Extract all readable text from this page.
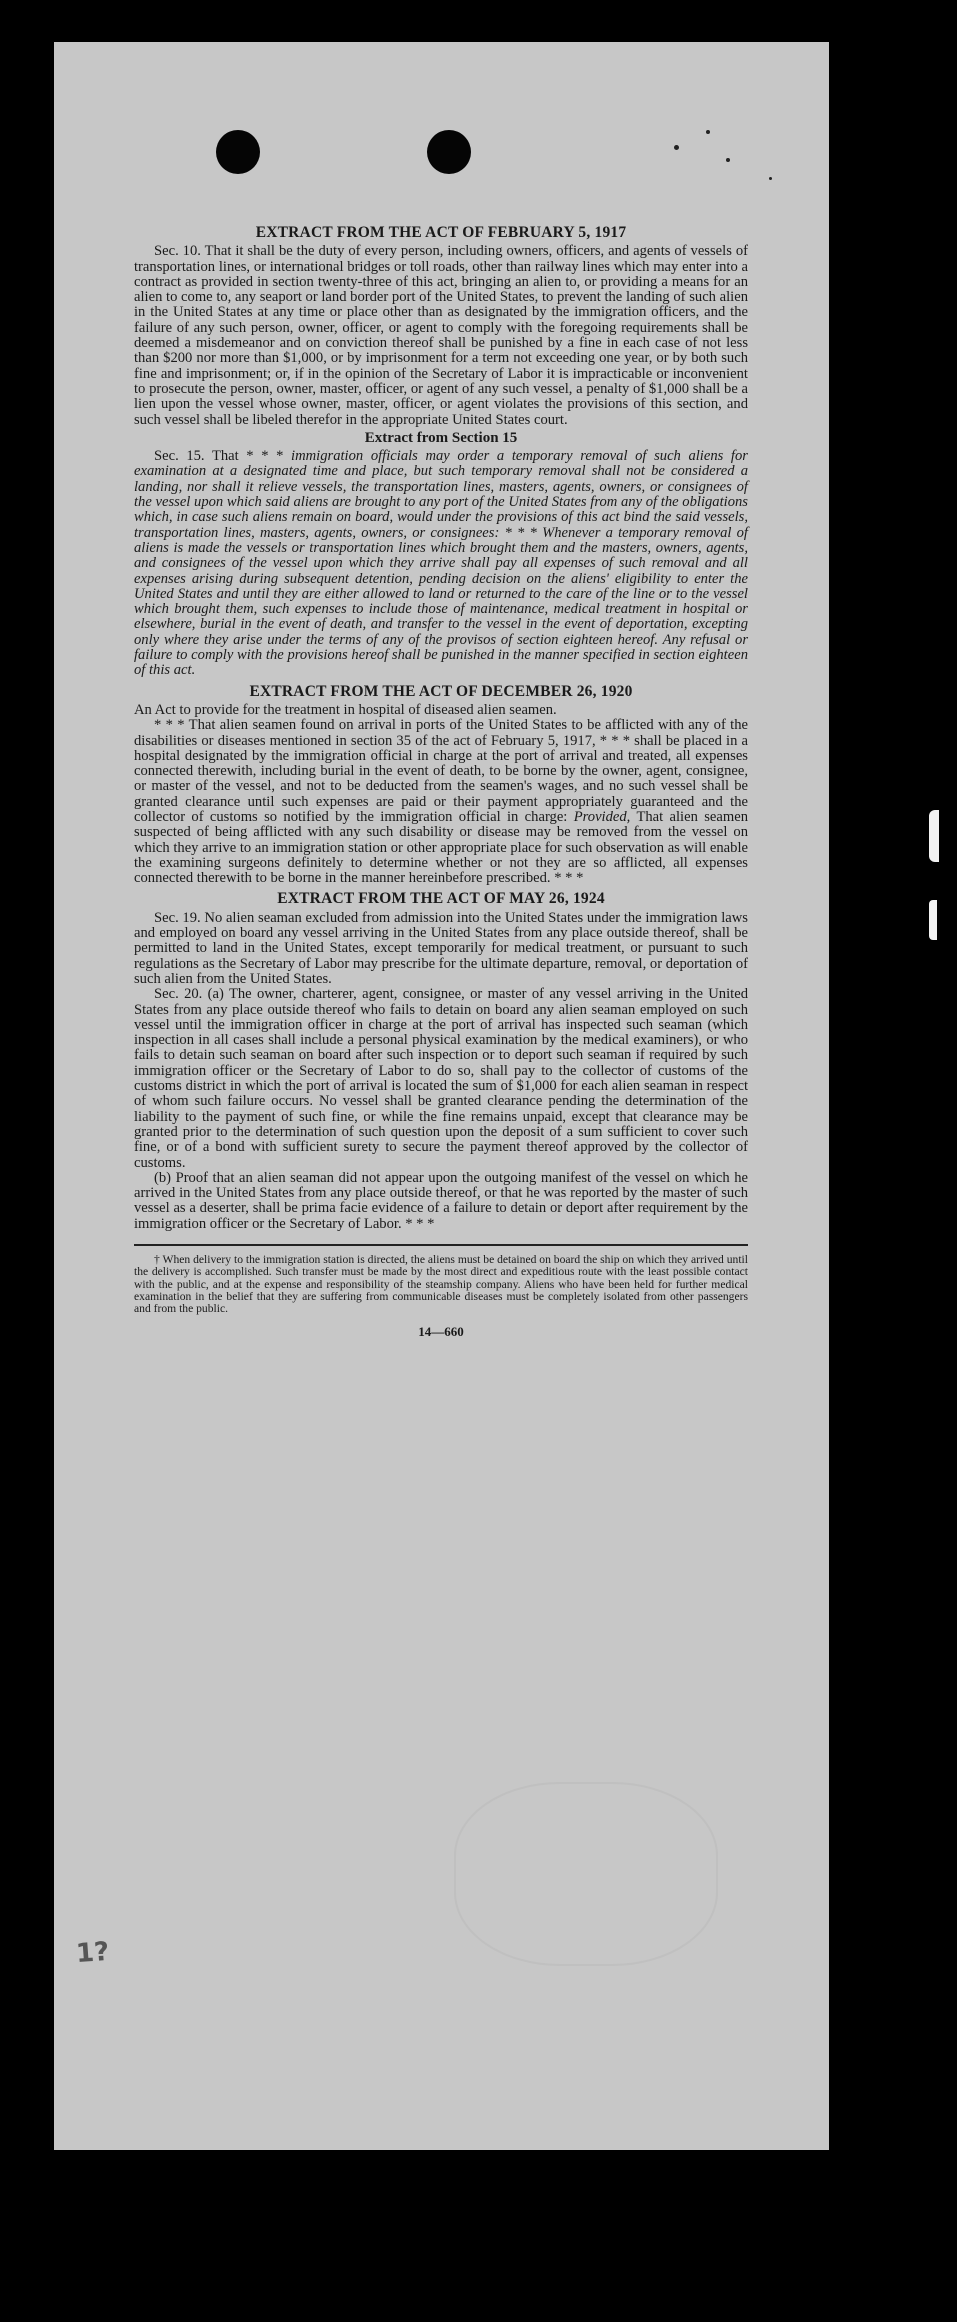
EXTRACT FROM THE ACT OF FEBRUARY 5, 1917

Sec. 10. That it shall be the duty of every person, including owners, officers, and agents of vessels of transportation lines, or international bridges or toll roads, other than railway lines which may enter into a contract as provided in section twenty-three of this act, bringing an alien to, or providing a means for an alien to come to, any seaport or land border port of the United States, to prevent the landing of such alien in the United States at any time or place other than as designated by the immigration officers, and the failure of any such person, owner, officer, or agent to comply with the foregoing requirements shall be deemed a misdemeanor and on conviction thereof shall be punished by a fine in each case of not less than $200 nor more than $1,000, or by imprisonment for a term not exceeding one year, or by both such fine and imprisonment; or, if in the opinion of the Secretary of Labor it is impracticable or inconvenient to prosecute the person, owner, master, officer, or agent of any such vessel, a penalty of $1,000 shall be a lien upon the vessel whose owner, master, officer, or agent violates the provisions of this section, and such vessel shall be libeled therefor in the appropriate United States court.

Extract from Section 15

Sec. 15. That * * * immigration officials may order a temporary removal of such aliens for examination at a designated time and place, but such temporary removal shall not be considered a landing, nor shall it relieve vessels, the transportation lines, masters, agents, owners, or consignees of the vessel upon which said aliens are brought to any port of the United States from any of the obligations which, in case such aliens remain on board, would under the provisions of this act bind the said vessels, transportation lines, masters, agents, owners, or consignees: * * * Whenever a temporary removal of aliens is made the vessels or transportation lines which brought them and the masters, owners, agents, and consignees of the vessel upon which they arrive shall pay all expenses of such removal and all expenses arising during subsequent detention, pending decision on the aliens' eligibility to enter the United States and until they are either allowed to land or returned to the care of the line or to the vessel which brought them, such expenses to include those of maintenance, medical treatment in hospital or elsewhere, burial in the event of death, and transfer to the vessel in the event of deportation, excepting only where they arise under the terms of any of the provisos of section eighteen hereof. Any refusal or failure to comply with the provisions hereof shall be punished in the manner specified in section eighteen of this act.

EXTRACT FROM THE ACT OF DECEMBER 26, 1920

An Act to provide for the treatment in hospital of diseased alien seamen.

* * * That alien seamen found on arrival in ports of the United States to be afflicted with any of the disabilities or diseases mentioned in section 35 of the act of February 5, 1917, * * * shall be placed in a hospital designated by the immigration official in charge at the port of arrival and treated, all expenses connected therewith, including burial in the event of death, to be borne by the owner, agent, consignee, or master of the vessel, and not to be deducted from the seamen's wages, and no such vessel shall be granted clearance until such expenses are paid or their payment appropriately guaranteed and the collector of customs so notified by the immigration official in charge: Provided, That alien seamen suspected of being afflicted with any such disability or disease may be removed from the vessel on which they arrive to an immigration station or other appropriate place for such observation as will enable the examining surgeons definitely to determine whether or not they are so afflicted, all expenses connected therewith to be borne in the manner hereinbefore prescribed. * * *

EXTRACT FROM THE ACT OF MAY 26, 1924

Sec. 19. No alien seaman excluded from admission into the United States under the immigration laws and employed on board any vessel arriving in the United States from any place outside thereof, shall be permitted to land in the United States, except temporarily for medical treatment, or pursuant to such regulations as the Secretary of Labor may prescribe for the ultimate departure, removal, or deportation of such alien from the United States.

Sec. 20. (a) The owner, charterer, agent, consignee, or master of any vessel arriving in the United States from any place outside thereof who fails to detain on board any alien seaman employed on such vessel until the immigration officer in charge at the port of arrival has inspected such seaman (which inspection in all cases shall include a personal physical examination by the medical examiners), or who fails to detain such seaman on board after such inspection or to deport such seaman if required by such immigration officer or the Secretary of Labor to do so, shall pay to the collector of customs of the customs district in which the port of arrival is located the sum of $1,000 for each alien seaman in respect of whom such failure occurs. No vessel shall be granted clearance pending the determination of the liability to the payment of such fine, or while the fine remains unpaid, except that clearance may be granted prior to the determination of such question upon the deposit of a sum sufficient to cover such fine, or of a bond with sufficient surety to secure the payment thereof approved by the collector of customs.

(b) Proof that an alien seaman did not appear upon the outgoing manifest of the vessel on which he arrived in the United States from any place outside thereof, or that he was reported by the master of such vessel as a deserter, shall be prima facie evidence of a failure to detain or deport after requirement by the immigration officer or the Secretary of Labor. * * *

† When delivery to the immigration station is directed, the aliens must be detained on board the ship on which they arrived until the delivery is accomplished. Such transfer must be made by the most direct and expeditious route with the least possible contact with the public, and at the expense and responsibility of the steamship company. Aliens who have been held for further medical examination in the belief that they are suffering from communicable diseases must be completely isolated from other passengers and from the public.

14—660
1?
